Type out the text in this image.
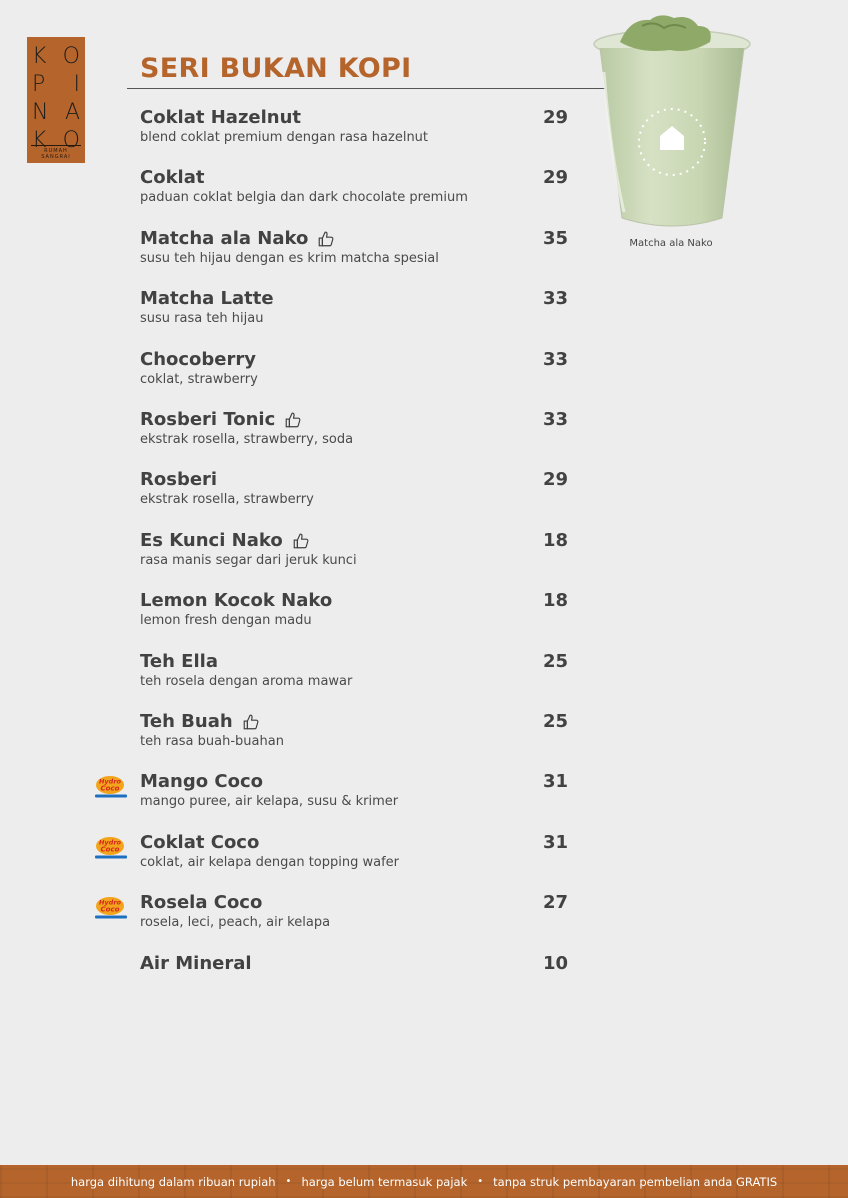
K O
P I
N A
K O
RUMAH SANGRAI
SERI BUKAN KOPI
Coklat Hazelnut
blend coklat premium dengan rasa hazelnut
29
Coklat
paduan coklat belgia dan dark chocolate premium
29
Matcha ala Nako
susu teh hijau dengan es krim matcha spesial
35
Matcha Latte
susu rasa teh hijau
33
Chocoberry
coklat, strawberry
33
Rosberi Tonic
ekstrak rosella, strawberry, soda
33
Rosberi
ekstrak rosella, strawberry
29
Es Kunci Nako
rasa manis segar dari jeruk kunci
18
Lemon Kocok Nako
lemon fresh dengan madu
18
Teh Ella
teh rosela dengan aroma mawar
25
Teh Buah
teh rasa buah-buahan
25
Hydro
Coco Mango Coco
mango puree, air kelapa, susu & krimer
31
Hydro
Coco Coklat Coco
coklat, air kelapa dengan topping wafer
31
Hydro
Coco Rosela Coco
rosela, leci, peach, air kelapa
27
Air Mineral	10
Matcha ala Nako
harga dihitung dalam ribuan rupiah • harga belum termasuk pajak • tanpa struk pembayaran pembelian anda GRATIS
